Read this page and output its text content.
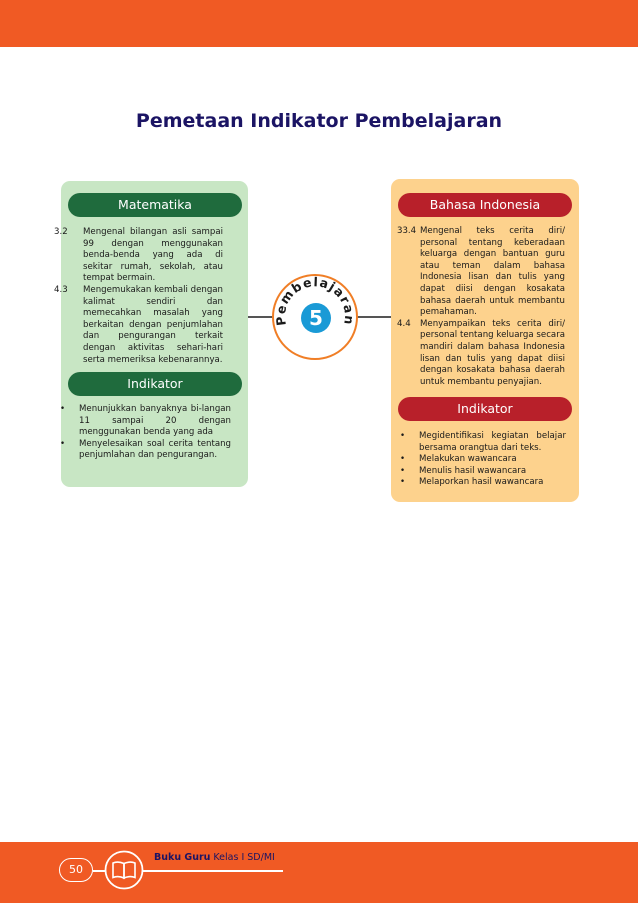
Pemetaan Indikator Pembelajaran
Matematika
3.2	Mengenal bilangan asli sampai 99 dengan menggunakan benda-benda yang ada di sekitar rumah, sekolah, atau tempat bermain.
4.3	Mengemukakan kembali dengan kalimat sendiri dan memecahkan masalah yang berkaitan dengan penjumlahan dan pengurangan terkait dengan aktivitas sehari-hari serta memeriksa kebenarannya.
Indikator
•	Menunjukkan banyaknya bi-langan 11 sampai 20 dengan menggunakan benda yang ada
•	Menyelesaikan soal cerita tentang penjumlahan dan pengurangan.
Bahasa Indonesia
33.4 Mengenal teks cerita diri/ personal tentang keberadaan keluarga dengan bantuan guru atau teman dalam bahasa Indonesia lisan dan tulis yang dapat diisi dengan kosakata bahasa daerah untuk membantu pemahaman.
4.4	Menyampaikan teks cerita diri/ personal tentang keluarga secara mandiri dalam bahasa Indonesia lisan dan tulis yang dapat diisi dengan kosakata bahasa daerah untuk membantu penyajian.
Indikator
•	Megidentifikasi kegiatan belajar bersama orangtua dari teks.
•	Melakukan wawancara
•	Menulis hasil wawancara
•	Melaporkan hasil wawancara
Pembelajaran
5
50
Buku Guru Kelas I SD/MI
